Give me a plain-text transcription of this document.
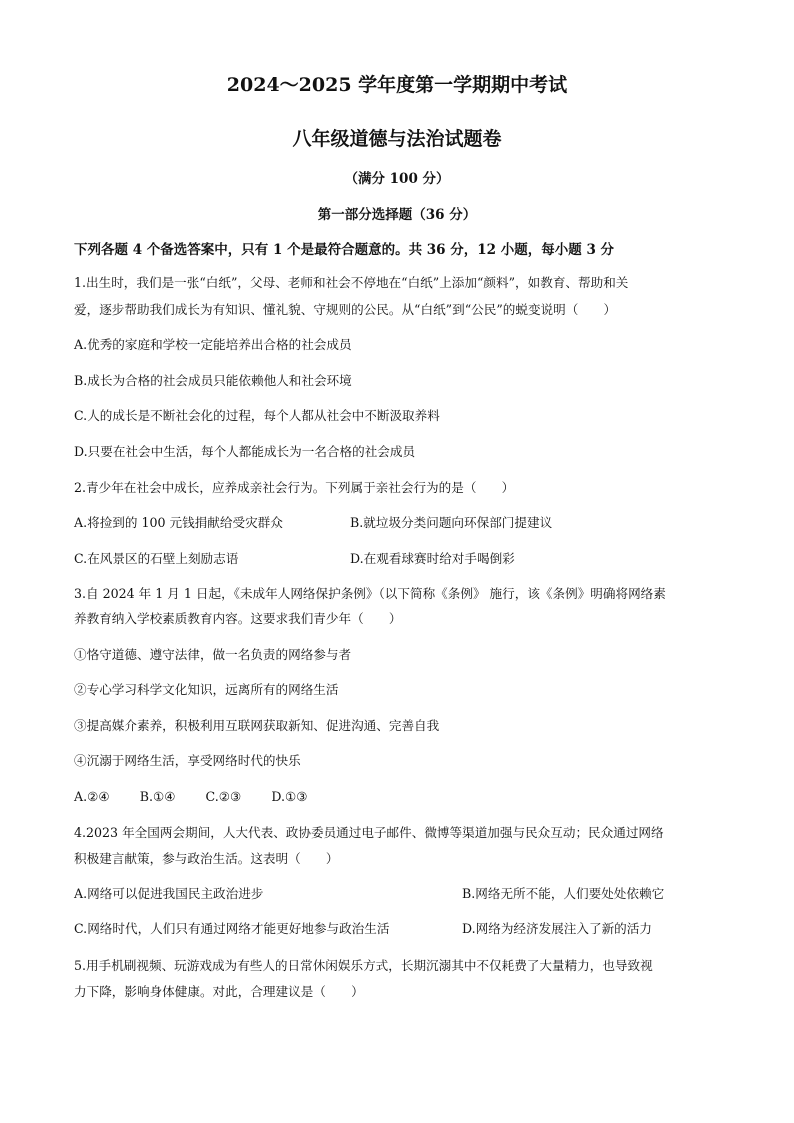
2024～2025 学年度第一学期期中考试
八年级道德与法治试题卷
（满分 100 分）
第一部分选择题（36 分）
下列各题 4 个备选答案中，只有 1 个是最符合题意的。共 36 分，12 小题，每小题 3 分
1.出生时，我们是一张“白纸”，父母、老师和社会不停地在“白纸”上添加“颜料”，如教育、帮助和关
爱，逐步帮助我们成长为有知识、懂礼貌、守规则的公民。从“白纸”到“公民”的蜕变说明（　　）
A.优秀的家庭和学校一定能培养出合格的社会成员
B.成长为合格的社会成员只能依赖他人和社会环境
C.人的成长是不断社会化的过程，每个人都从社会中不断汲取养料
D.只要在社会中生活，每个人都能成长为一名合格的社会成员
2.青少年在社会中成长，应养成亲社会行为。下列属于亲社会行为的是（　　）
A.将捡到的 100 元钱捐献给受灾群众	B.就垃圾分类问题向环保部门提建议
C.在风景区的石壁上刻励志语	D.在观看球赛时给对手喝倒彩
3.自 2024 年 1 月 1 日起，《未成年人网络保护条例》（以下简称《条例》 施行，该《条例》明确将网络素
养教育纳入学校素质教育内容。这要求我们青少年（　　）
①恪守道德、遵守法律，做一名负责的网络参与者
②专心学习科学文化知识，远离所有的网络生活
③提高媒介素养，积极利用互联网获取新知、促进沟通、完善自我
④沉溺于网络生活，享受网络时代的快乐
A.②④ B.①④ C.②③ D.①③
4.2023 年全国两会期间，人大代表、政协委员通过电子邮件、微博等渠道加强与民众互动；民众通过网络
积极建言献策，参与政治生活。这表明（　　）
A.网络可以促进我国民主政治进步	B.网络无所不能，人们要处处依赖它
C.网络时代，人们只有通过网络才能更好地参与政治生活	D.网络为经济发展注入了新的活力
5.用手机刷视频、玩游戏成为有些人的日常休闲娱乐方式，长期沉溺其中不仅耗费了大量精力，也导致视
力下降，影响身体健康。对此，合理建议是（　　）
